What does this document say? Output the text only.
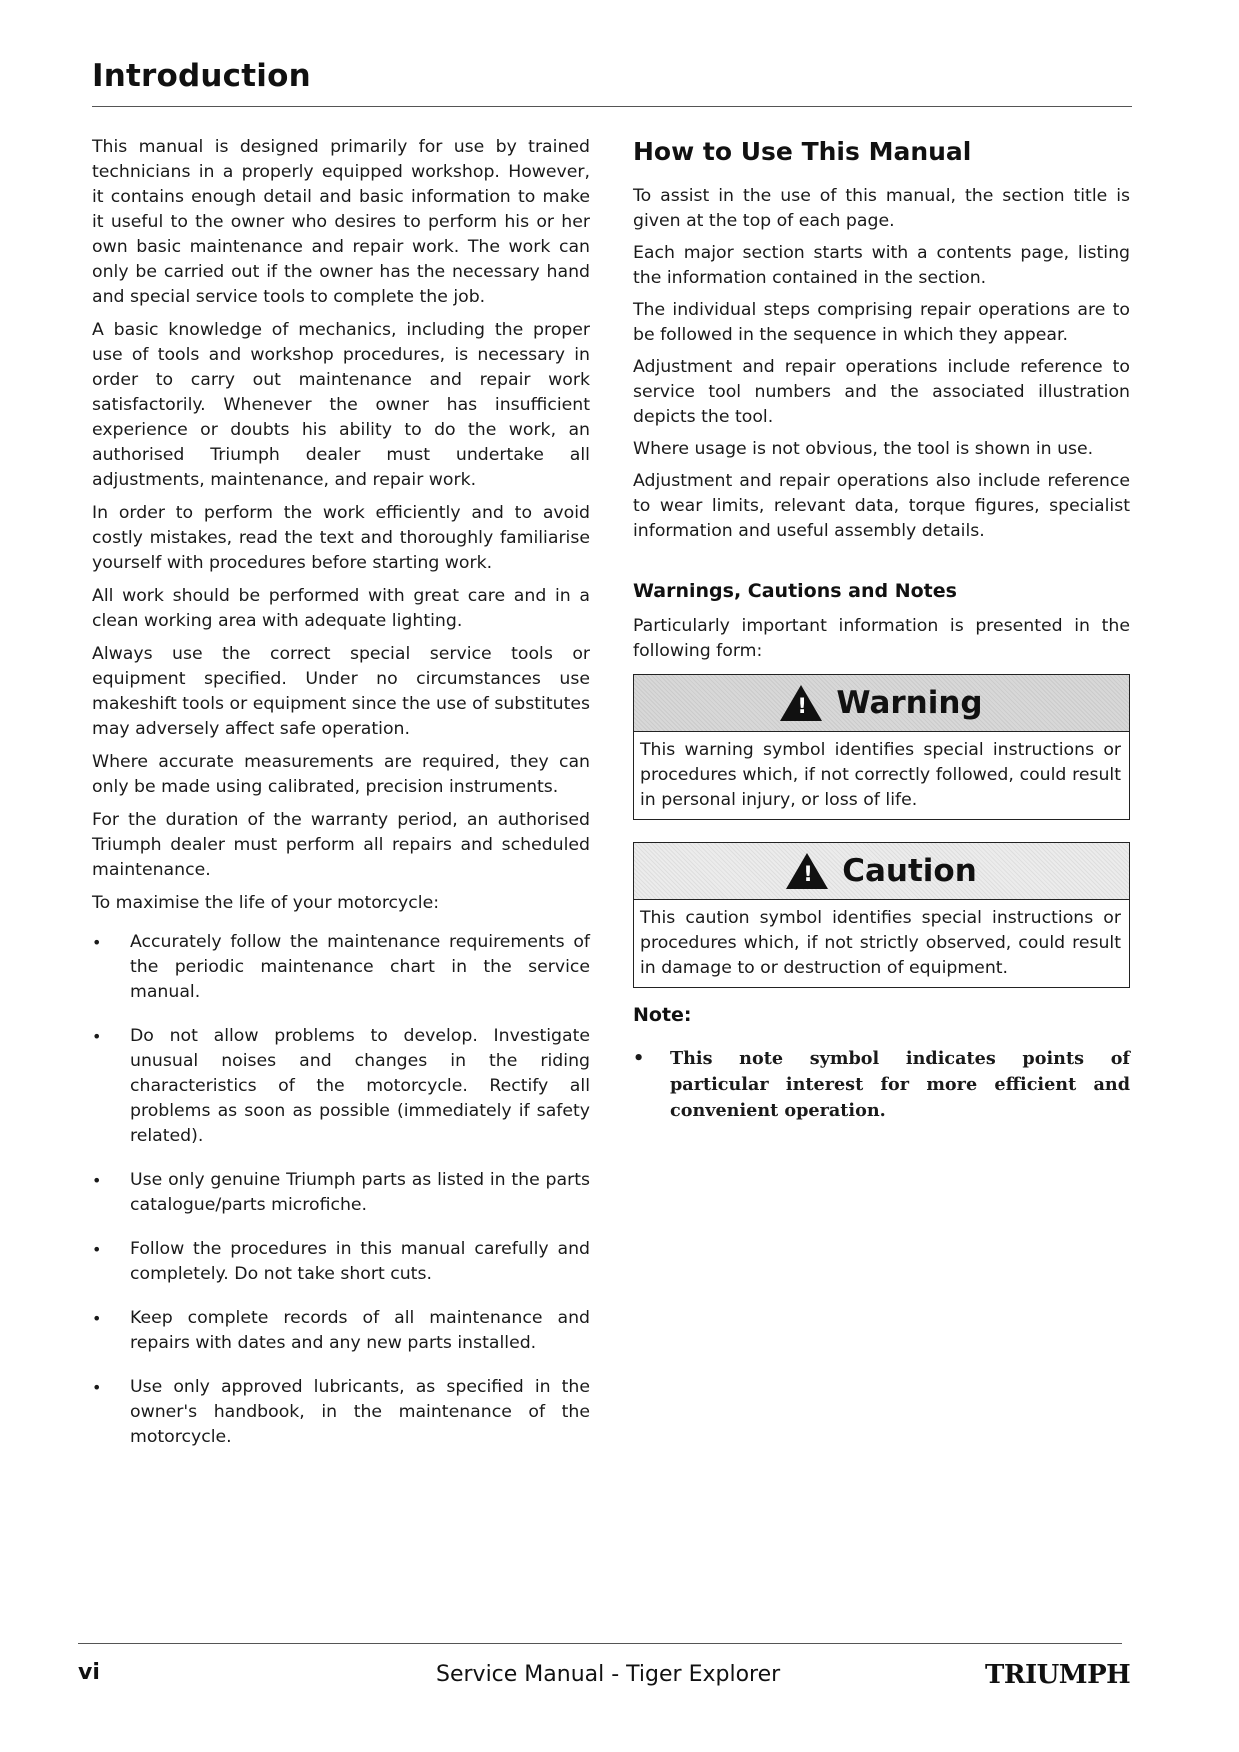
Introduction

This manual is designed primarily for use by trained technicians in a properly equipped workshop. However, it contains enough detail and basic information to make it useful to the owner who desires to perform his or her own basic maintenance and repair work. The work can only be carried out if the owner has the necessary hand and special service tools to complete the job.

A basic knowledge of mechanics, including the proper use of tools and workshop procedures, is necessary in order to carry out maintenance and repair work satisfactorily. Whenever the owner has insufficient experience or doubts his ability to do the work, an authorised Triumph dealer must undertake all adjustments, maintenance, and repair work.

In order to perform the work efficiently and to avoid costly mistakes, read the text and thoroughly familiarise yourself with procedures before starting work.

All work should be performed with great care and in a clean working area with adequate lighting.

Always use the correct special service tools or equipment specified. Under no circumstances use makeshift tools or equipment since the use of substitutes may adversely affect safe operation.

Where accurate measurements are required, they can only be made using calibrated, precision instruments.

For the duration of the warranty period, an authorised Triumph dealer must perform all repairs and scheduled maintenance.

To maximise the life of your motorcycle:

• Accurately follow the maintenance requirements of the periodic maintenance chart in the service manual.
• Do not allow problems to develop. Investigate unusual noises and changes in the riding characteristics of the motorcycle. Rectify all problems as soon as possible (immediately if safety related).
• Use only genuine Triumph parts as listed in the parts catalogue/parts microfiche.
• Follow the procedures in this manual carefully and completely. Do not take short cuts.
• Keep complete records of all maintenance and repairs with dates and any new parts installed.
• Use only approved lubricants, as specified in the owner's handbook, in the maintenance of the motorcycle.
How to Use This Manual

To assist in the use of this manual, the section title is given at the top of each page.

Each major section starts with a contents page, listing the information contained in the section.

The individual steps comprising repair operations are to be followed in the sequence in which they appear.

Adjustment and repair operations include reference to service tool numbers and the associated illustration depicts the tool.

Where usage is not obvious, the tool is shown in use.

Adjustment and repair operations also include reference to wear limits, relevant data, torque figures, specialist information and useful assembly details.

Warnings, Cautions and Notes

Particularly important information is presented in the following form:

! Warning
This warning symbol identifies special instructions or procedures which, if not correctly followed, could result in personal injury, or loss of life.
! Caution
This caution symbol identifies special instructions or procedures which, if not strictly observed, could result in damage to or destruction of equipment.
Note:
• This note symbol indicates points of particular interest for more efficient and convenient operation.
vi	Service Manual - Tiger Explorer	TRIUMPH
